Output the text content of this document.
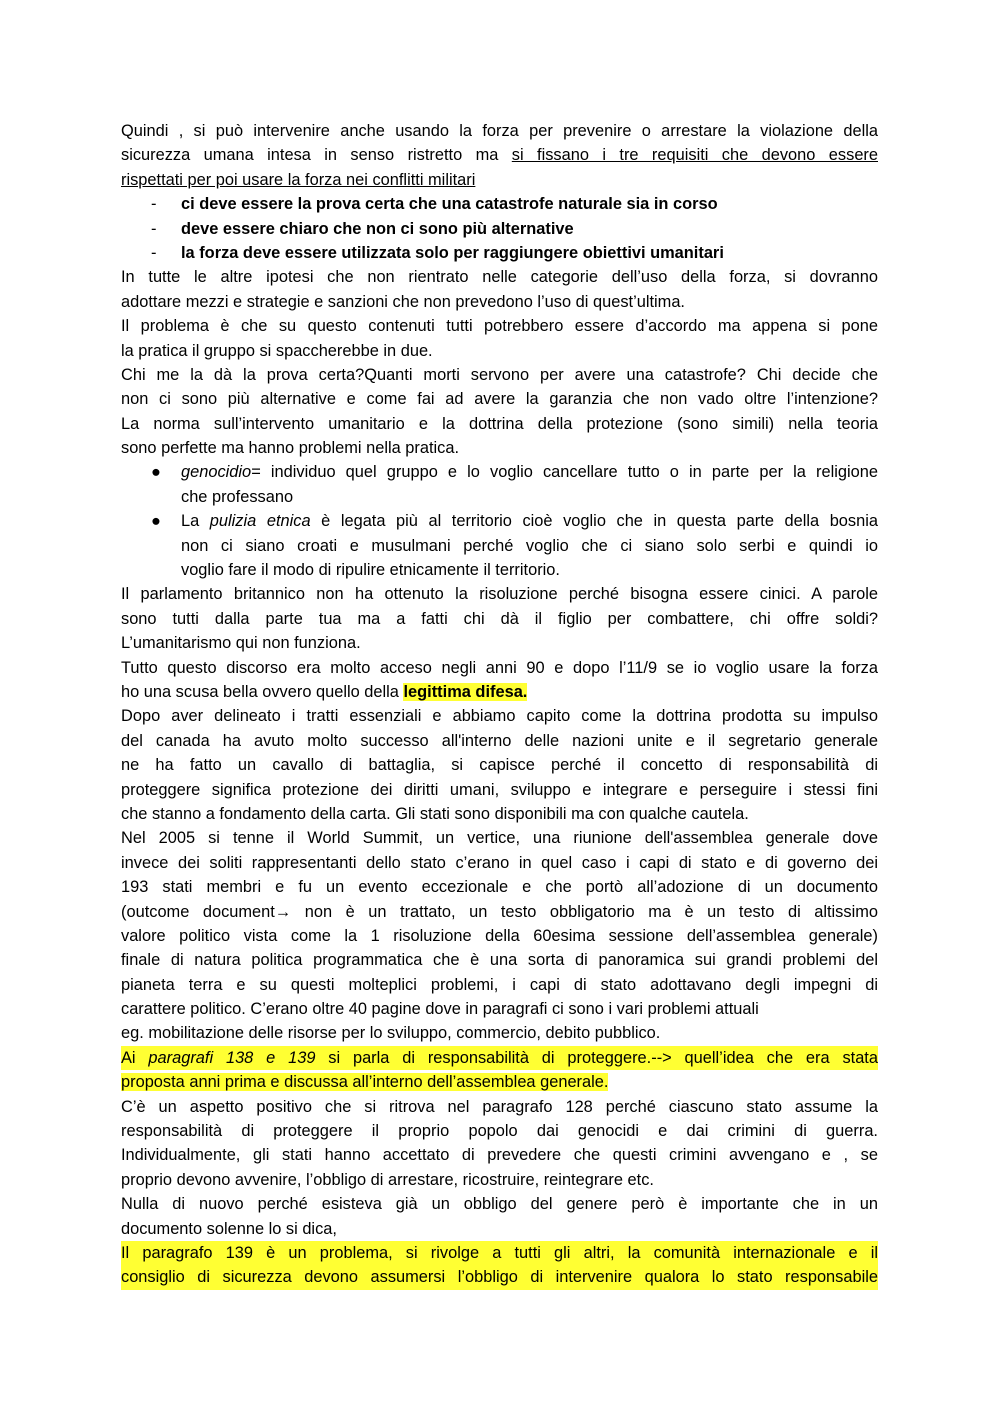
Quindi , si può intervenire anche usando la forza per prevenire o arrestare la violazione della
sicurezza umana intesa in senso ristretto ma si fissano i tre requisiti che devono essere
rispettati per poi usare la forza nei conflitti militari
- ci deve essere la prova certa che una catastrofe naturale sia in corso
- deve essere chiaro che non ci sono più alternative
- la forza deve essere utilizzata solo per raggiungere obiettivi umanitari
In tutte le altre ipotesi che non rientrato nelle categorie dell’uso della forza, si dovranno
adottare mezzi e strategie e sanzioni che non prevedono l’uso di quest’ultima.
Il problema è che su questo contenuti tutti potrebbero essere d’accordo ma appena si pone
la pratica il gruppo si spaccherebbe in due.
Chi me la dà la prova certa?Quanti morti servono per avere una catastrofe? Chi decide che
non ci sono più alternative e come fai ad avere la garanzia che non vado oltre l’intenzione?
La norma sull’intervento umanitario e la dottrina della protezione (sono simili) nella teoria
sono perfette ma hanno problemi nella pratica.
● genocidio= individuo quel gruppo e lo voglio cancellare tutto o in parte per la religione
che professano
● La pulizia etnica è legata più al territorio cioè voglio che in questa parte della bosnia
non ci siano croati e musulmani perché voglio che ci siano solo serbi e quindi io
voglio fare il modo di ripulire etnicamente il territorio.
Il parlamento britannico non ha ottenuto la risoluzione perché bisogna essere cinici. A parole
sono tutti dalla parte tua ma a fatti chi dà il figlio per combattere, chi offre soldi?
L’umanitarismo qui non funziona.
Tutto questo discorso era molto acceso negli anni 90 e dopo l’11/9 se io voglio usare la forza
ho una scusa bella ovvero quello della legittima difesa.
Dopo aver delineato i tratti essenziali e abbiamo capito come la dottrina prodotta su impulso
del canada ha avuto molto successo all'interno delle nazioni unite e il segretario generale
ne ha fatto un cavallo di battaglia, si capisce perché il concetto di responsabilità di
proteggere significa protezione dei diritti umani, sviluppo e integrare e perseguire i stessi fini
che stanno a fondamento della carta. Gli stati sono disponibili ma con qualche cautela.
Nel 2005 si tenne il World Summit, un vertice, una riunione dell'assemblea generale dove
invece dei soliti rappresentanti dello stato c’erano in quel caso i capi di stato e di governo dei
193 stati membri e fu un evento eccezionale e che portò all’adozione di un documento
(outcome document→ non è un trattato, un testo obbligatorio ma è un testo di altissimo
valore politico vista come la 1 risoluzione della 60esima sessione dell’assemblea generale)
finale di natura politica programmatica che è una sorta di panoramica sui grandi problemi del
pianeta terra e su questi molteplici problemi, i capi di stato adottavano degli impegni di
carattere politico. C’erano oltre 40 pagine dove in paragrafi ci sono i vari problemi attuali
eg. mobilitazione delle risorse per lo sviluppo, commercio, debito pubblico.
Ai paragrafi 138 e 139 si parla di responsabilità di proteggere.--> quell’idea che era stata
proposta anni prima e discussa all’interno dell’assemblea generale.
C’è un aspetto positivo che si ritrova nel paragrafo 128 perché ciascuno stato assume la
responsabilità di proteggere il proprio popolo dai genocidi e dai crimini di guerra.
Individualmente, gli stati hanno accettato di prevedere che questi crimini avvengano e , se
proprio devono avvenire, l’obbligo di arrestare, ricostruire, reintegrare etc.
Nulla di nuovo perché esisteva già un obbligo del genere però è importante che in un
documento solenne lo si dica,
Il paragrafo 139 è un problema, si rivolge a tutti gli altri, la comunità internazionale e il
consiglio di sicurezza devono assumersi l’obbligo di intervenire qualora lo stato responsabile
